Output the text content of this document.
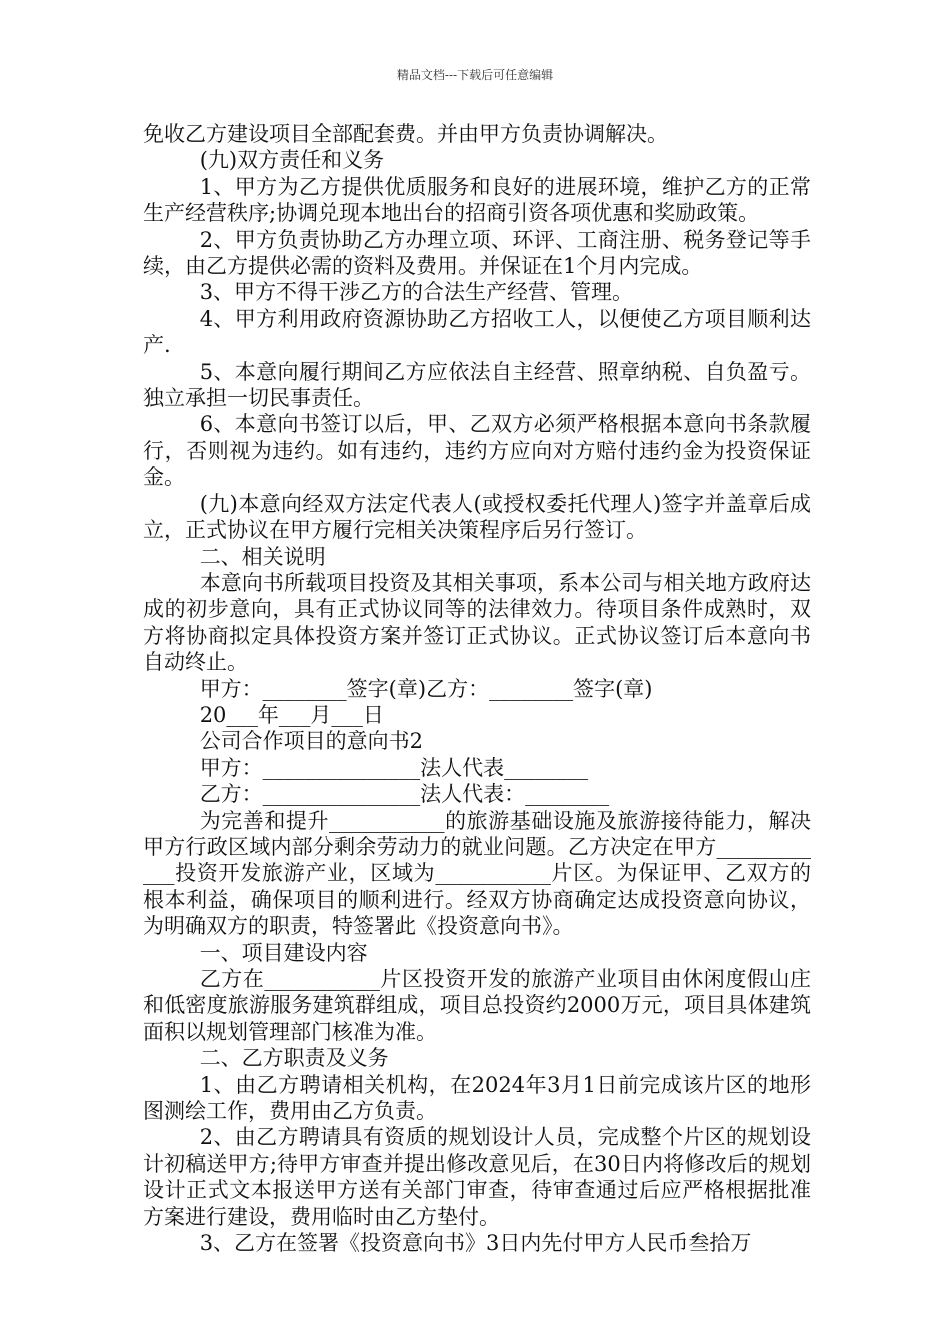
精品文档---下载后可任意编辑

免收乙方建设项目全部配套费。并由甲方负责协调解决。

(九)双方责任和义务

1、甲方为乙方提供优质服务和良好的进展环境，维护乙方的正常生产经营秩序;协调兑现本地出台的招商引资各项优惠和奖励政策。

2、甲方负责协助乙方办理立项、环评、工商注册、税务登记等手续，由乙方提供必需的资料及费用。并保证在1个月内完成。

3、甲方不得干涉乙方的合法生产经营、管理。

4、甲方利用政府资源协助乙方招收工人，以便使乙方项目顺利达产.

5、本意向履行期间乙方应依法自主经营、照章纳税、自负盈亏。独立承担一切民事责任。

6、本意向书签订以后，甲、乙双方必须严格根据本意向书条款履行，否则视为违约。如有违约，违约方应向对方赔付违约金为投资保证金。

(九)本意向经双方法定代表人(或授权委托代理人)签字并盖章后成立，正式协议在甲方履行完相关决策程序后另行签订。

二、相关说明

本意向书所载项目投资及其相关事项，系本公司与相关地方政府达成的初步意向，具有正式协议同等的法律效力。待项目条件成熟时，双方将协商拟定具体投资方案并签订正式协议。正式协议签订后本意向书自动终止。

甲方：________签字(章)乙方：________签字(章)

20___年___月___日

公司合作项目的意向书2

甲方：_______________法人代表________

乙方：_______________法人代表：________

为完善和提升___________的旅游基础设施及旅游接待能力，解决甲方行政区域内部分剩余劳动力的就业问题。乙方决定在甲方____________投资开发旅游产业，区域为___________片区。为保证甲、乙双方的根本利益，确保项目的顺利进行。经双方协商确定达成投资意向协议，为明确双方的职责，特签署此《投资意向书》。

一、项目建设内容

乙方在___________片区投资开发的旅游产业项目由休闲度假山庄和低密度旅游服务建筑群组成，项目总投资约2000万元，项目具体建筑面积以规划管理部门核准为准。

二、乙方职责及义务

1、由乙方聘请相关机构，在2024年3月1日前完成该片区的地形图测绘工作，费用由乙方负责。

2、由乙方聘请具有资质的规划设计人员，完成整个片区的规划设计初稿送甲方;待甲方审查并提出修改意见后，在30日内将修改后的规划设计正式文本报送甲方送有关部门审查，待审查通过后应严格根据批准方案进行建设，费用临时由乙方垫付。

3、乙方在签署《投资意向书》3日内先付甲方人民币叁拾万
